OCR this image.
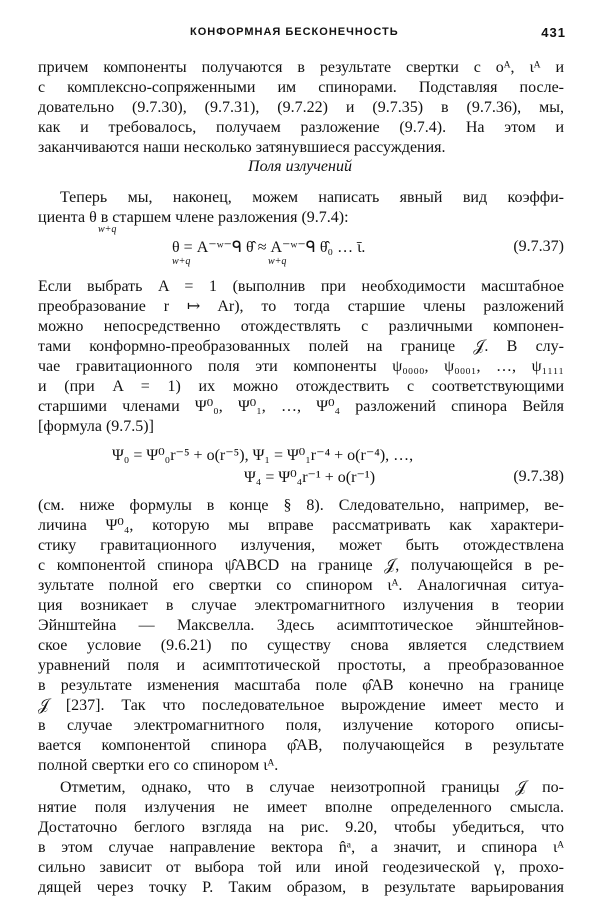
КОНФОРМНАЯ БЕСКОНЕЧНОСТЬ	431
причем компоненты получаются в результате свертки с oᴬ, ιᴬ и
с комплексно-сопряженными им спинорами. Подставляя после-
довательно (9.7.30), (9.7.31), (9.7.22) и (9.7.35) в (9.7.36), мы,
как и требовалось, получаем разложение (9.7.4). На этом и
заканчиваются наши несколько затянувшиеся рассуждения.
Поля излучений
Теперь мы, наконец, можем написать явный вид коэффи-
циента θ в старшем члене разложения (9.7.4):
w+q
θ = A⁻ʷ⁻ᑫ θ̂ ≈ A⁻ʷ⁻ᑫ θ̂₀ … ῑ.
w+q	w+q
(9.7.37)
Если выбрать A = 1 (выполнив при необходимости масштабное
преобразование r ↦ Ar), то тогда старшие члены разложений
можно непосредственно отождествлять с различными компонен-
тами конформно-преобразованных полей на границе 𝒥. В слу-
чае гравитационного поля эти компоненты ψ₀₀₀₀, ψ₀₀₀₁, …, ψ₁₁₁₁
и (при A = 1) их можно отождествить с соответствующими
старшими членами Ψ⁰₀, Ψ⁰₁, …, Ψ⁰₄ разложений спинора Вейля
[формула (9.7.5)]
Ψ₀ = Ψ⁰₀r⁻⁵ + o(r⁻⁵), Ψ₁ = Ψ⁰₁r⁻⁴ + o(r⁻⁴), …,
Ψ₄ = Ψ⁰₄r⁻¹ + o(r⁻¹)	(9.7.38)
(см. ниже формулы в конце § 8). Следовательно, например, ве-
личина Ψ⁰₄, которую мы вправе рассматривать как характери-
стику гравитационного излучения, может быть отождествлена
с компонентой спинора ψ̂ABCD на границе 𝒥, получающейся в ре-
зультате полной его свертки со спинором ιᴬ. Аналогичная ситуа-
ция возникает в случае электромагнитного излучения в теории
Эйнштейна — Максвелла. Здесь асимптотическое эйнштейнов-
ское условие (9.6.21) по существу снова является следствием
уравнений поля и асимптотической простоты, а преобразованное
в результате изменения масштаба поле φ̂AB конечно на границе
𝒥 [237]. Так что последовательное вырождение имеет место и
в случае электромагнитного поля, излучение которого описы-
вается компонентой спинора φ̂AB, получающейся в результате
полной свертки его со спинором ιᴬ.
Отметим, однако, что в случае неизотропной границы 𝒥 по-
нятие поля излучения не имеет вполне определенного смысла.
Достаточно беглого взгляда на рис. 9.20, чтобы убедиться, что
в этом случае направление вектора n̂ᵃ, а значит, и спинора ιᴬ
сильно зависит от выбора той или иной геодезической γ, прохо-
дящей через точку P. Таким образом, в результате варьирования
